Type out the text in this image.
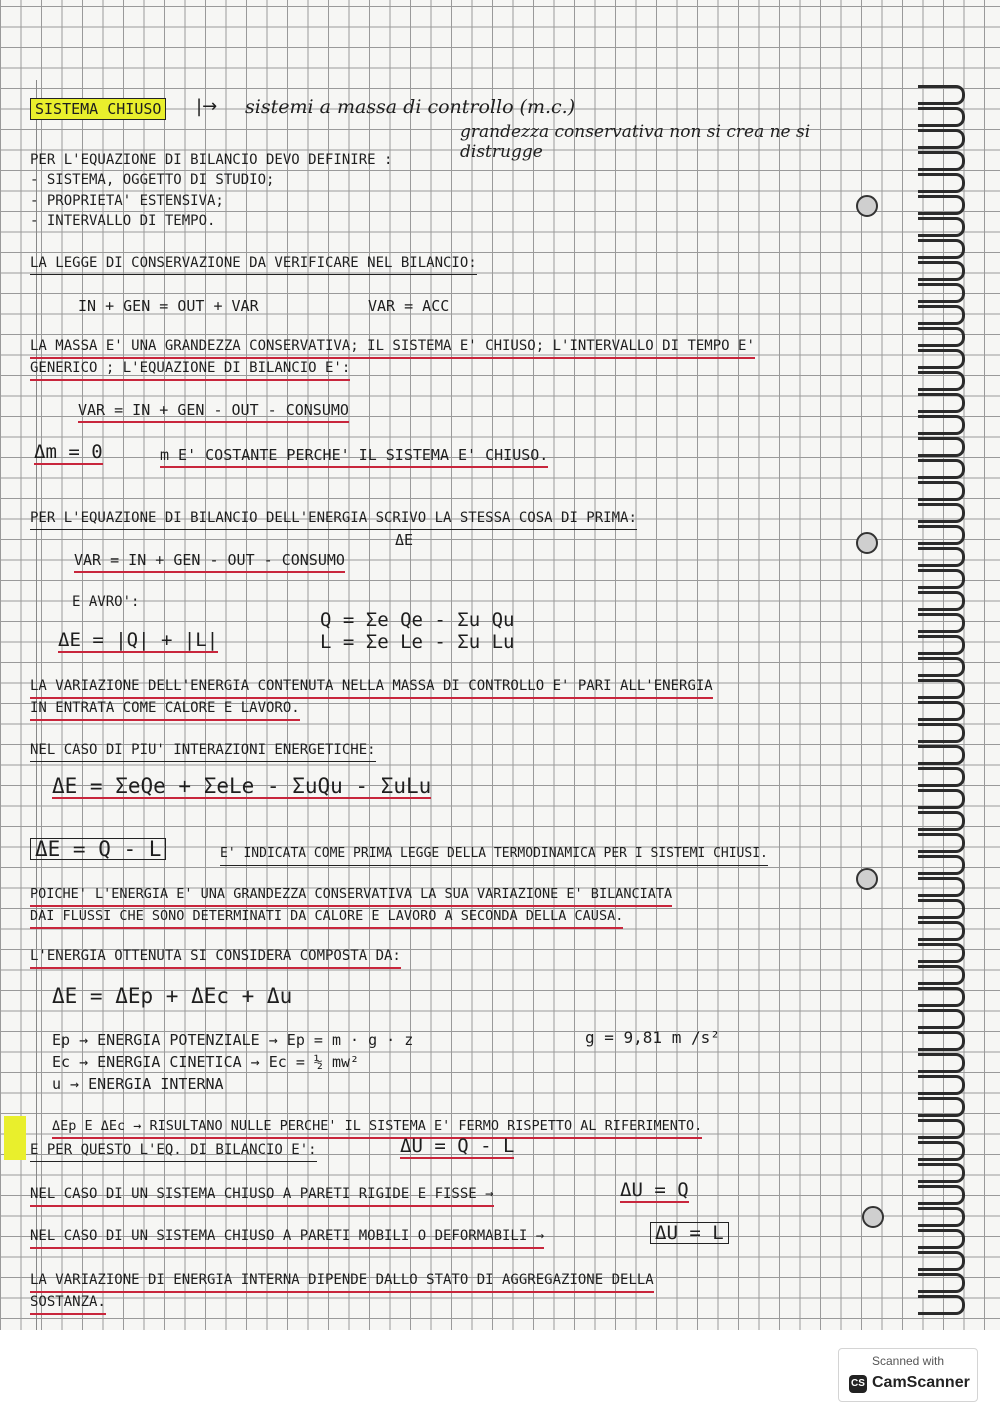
SISTEMA CHIUSO |→ sistemi a massa di controllo (m.c.)

grandezza conservativa non si crea ne si distrugge

PER L'EQUAZIONE DI BILANCIO DEVO DEFINIRE :

- SISTEMA, OGGETTO DI STUDIO;

- PROPRIETA' ESTENSIVA;

- INTERVALLO DI TEMPO.

LA LEGGE DI CONSERVAZIONE DA VERIFICARE NEL BILANCIO:

IN + GEN = OUT + VAR	VAR = ACC

LA MASSA E' UNA GRANDEZZA CONSERVATIVA; IL SISTEMA E' CHIUSO; L'INTERVALLO DI TEMPO E'

GENERICO ; L'EQUAZIONE DI BILANCIO E':

VAR = IN + GEN - OUT - CONSUMO

Δm = 0	m E' COSTANTE PERCHE' IL SISTEMA E' CHIUSO.

PER L'EQUAZIONE DI BILANCIO DELL'ENERGIA SCRIVO LA STESSA COSA DI PRIMA:

ΔE

VAR = IN + GEN - OUT - CONSUMO

E AVRO':

ΔE = |Q| + |L|

Q = Σe Qe - Σu Qu

L = Σe Le - Σu Lu

LA VARIAZIONE DELL'ENERGIA CONTENUTA NELLA MASSA DI CONTROLLO E' PARI ALL'ENERGIA

IN ENTRATA COME CALORE E LAVORO.

NEL CASO DI PIU' INTERAZIONI ENERGETICHE:

ΔE = ΣeQe + ΣeLe - ΣuQu - ΣuLu

ΔE = Q - L	E' INDICATA COME PRIMA LEGGE DELLA TERMODINAMICA PER I SISTEMI CHIUSI.

POICHE' L'ENERGIA E' UNA GRANDEZZA CONSERVATIVA LA SUA VARIAZIONE E' BILANCIATA

DAI FLUSSI CHE SONO DETERMINATI DA CALORE E LAVORO A SECONDA DELLA CAUSA.

L'ENERGIA OTTENUTA SI CONSIDERA COMPOSTA DA:

ΔE = ΔEp + ΔEc + Δu

Ep → ENERGIA POTENZIALE → Ep = m · g · z	g = 9,81 m /s²

Ec → ENERGIA CINETICA → Ec = ½ mw²

u → ENERGIA INTERNA

ΔEp E ΔEc → RISULTANO NULLE PERCHE' IL SISTEMA E' FERMO RISPETTO AL RIFERIMENTO.

E PER QUESTO L'EQ. DI BILANCIO E':	ΔU = Q - L

NEL CASO DI UN SISTEMA CHIUSO A PARETI RIGIDE E FISSE →	ΔU = Q

NEL CASO DI UN SISTEMA CHIUSO A PARETI MOBILI O DEFORMABILI →	ΔU = L

LA VARIAZIONE DI ENERGIA INTERNA DIPENDE DALLO STATO DI AGGREGAZIONE DELLA

SOSTANZA.

Scanned with
CS CamScanner
